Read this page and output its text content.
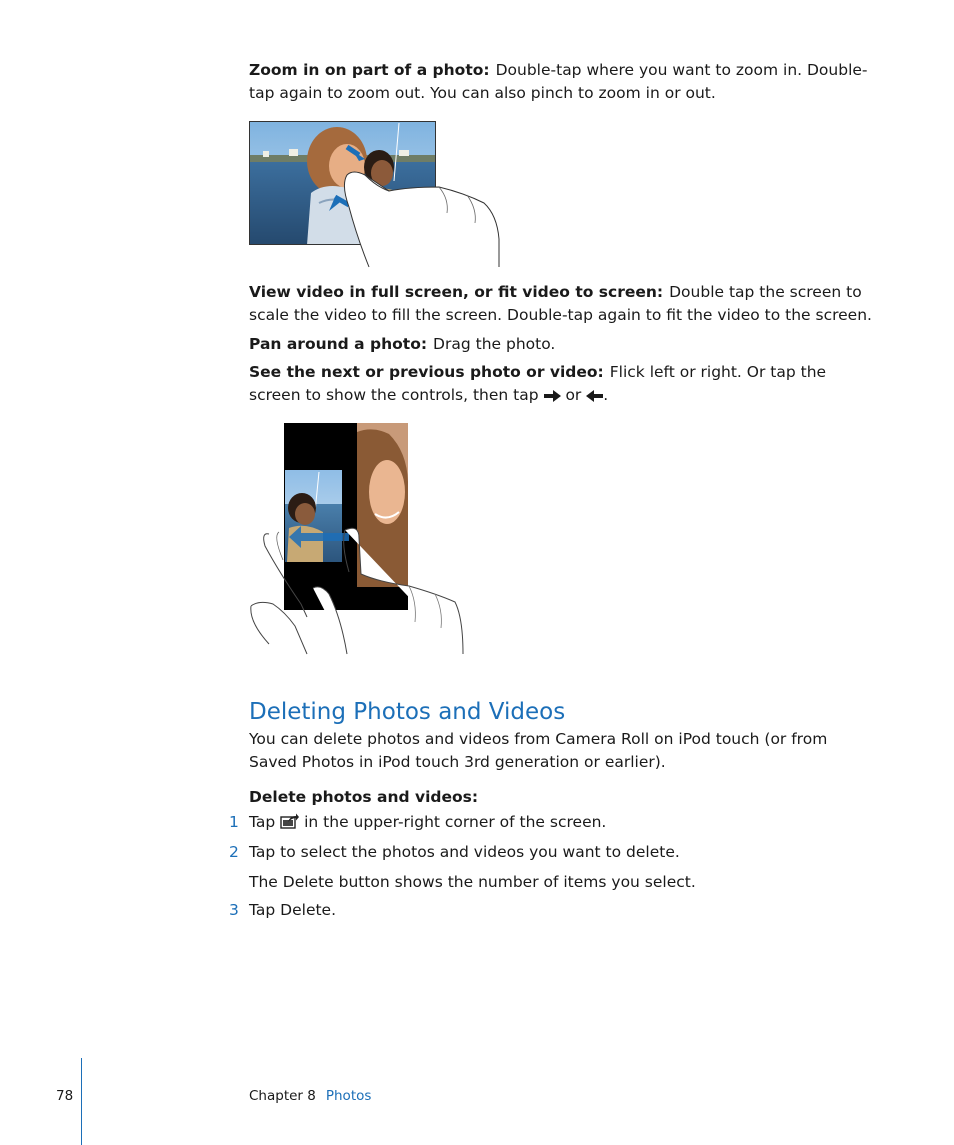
Zoom in on part of a photo: Double-tap where you want to zoom in. Double-tap again to zoom out. You can also pinch to zoom in or out.
View video in full screen, or fit video to screen: Double tap the screen to scale the video to fill the screen. Double-tap again to fit the video to the screen.
Pan around a photo: Drag the photo.
See the next or previous photo or video: Flick left or right. Or tap the screen to show the controls, then tap or .
Deleting Photos and Videos
You can delete photos and videos from Camera Roll on iPod touch (or from Saved Photos in iPod touch 3rd generation or earlier).
Delete photos and videos:
1 Tap in the upper-right corner of the screen.
2 Tap to select the photos and videos you want to delete.
The Delete button shows the number of items you select.
3 Tap Delete.
78	Chapter 8 Photos
